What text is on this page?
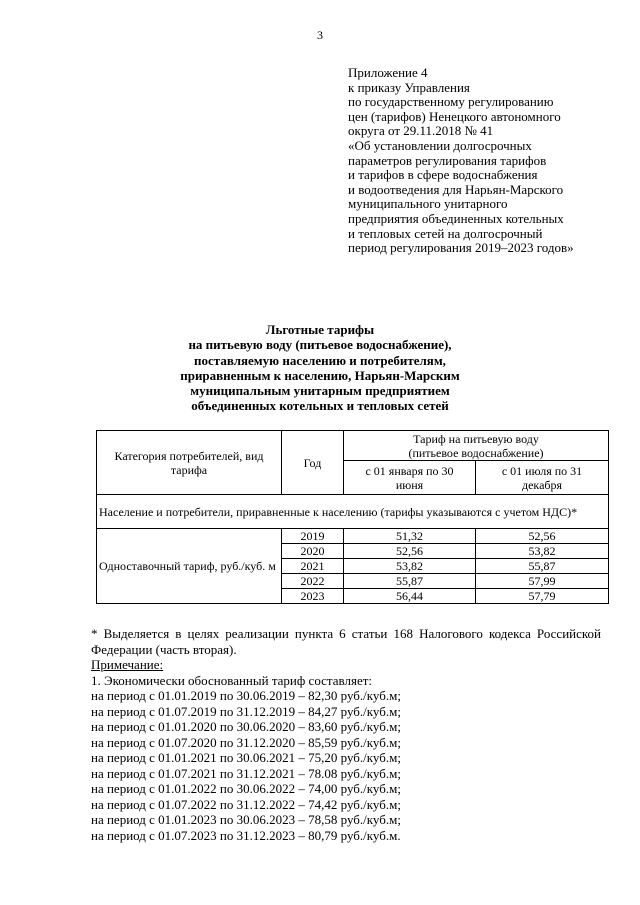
3
Приложение 4
к приказу Управления
по государственному регулированию
цен (тарифов) Ненецкого автономного
округа от 29.11.2018 № 41
«Об установлении долгосрочных
параметров регулирования тарифов
и тарифов в сфере водоснабжения
и водоотведения для Нарьян-Марского
муниципального унитарного
предприятия объединенных котельных
и тепловых сетей на долгосрочный
период регулирования 2019–2023 годов»
Льготные тарифы
на питьевую воду (питьевое водоснабжение),
поставляемую населению и потребителям,
приравненным к населению, Нарьян-Марским
муниципальным унитарным предприятием
объединенных котельных и тепловых сетей
Категория потребителей, вид тарифа	Год	Тариф на питьевую воду (питьевое водоснабжение)	
		с 01 января по 30 июня	с 01 июля по 31 декабря
Население и потребители, приравненные к населению (тарифы указываются с учетом НДС)*			
Одноставочный тариф, руб./куб. м	2019	51,32	52,56
	2020	52,56	53,82
	2021	53,82	55,87
	2022	55,87	57,99
	2023	56,44	57,79
* Выделяется в целях реализации пункта 6 статьи 168 Налогового кодекса Российской Федерации (часть вторая).
Примечание:
1. Экономически обоснованный тариф составляет:
на период с 01.01.2019 по 30.06.2019 – 82,30 руб./куб.м;
на период с 01.07.2019 по 31.12.2019 – 84,27 руб./куб.м;
на период с 01.01.2020 по 30.06.2020 – 83,60 руб./куб.м;
на период с 01.07.2020 по 31.12.2020 – 85,59 руб./куб.м;
на период с 01.01.2021 по 30.06.2021 – 75,20 руб./куб.м;
на период с 01.07.2021 по 31.12.2021 – 78.08 руб./куб.м;
на период с 01.01.2022 по 30.06.2022 – 74,00 руб./куб.м;
на период с 01.07.2022 по 31.12.2022 – 74,42 руб./куб.м;
на период с 01.01.2023 по 30.06.2023 – 78,58 руб./куб.м;
на период с 01.07.2023 по 31.12.2023 – 80,79 руб./куб.м.
